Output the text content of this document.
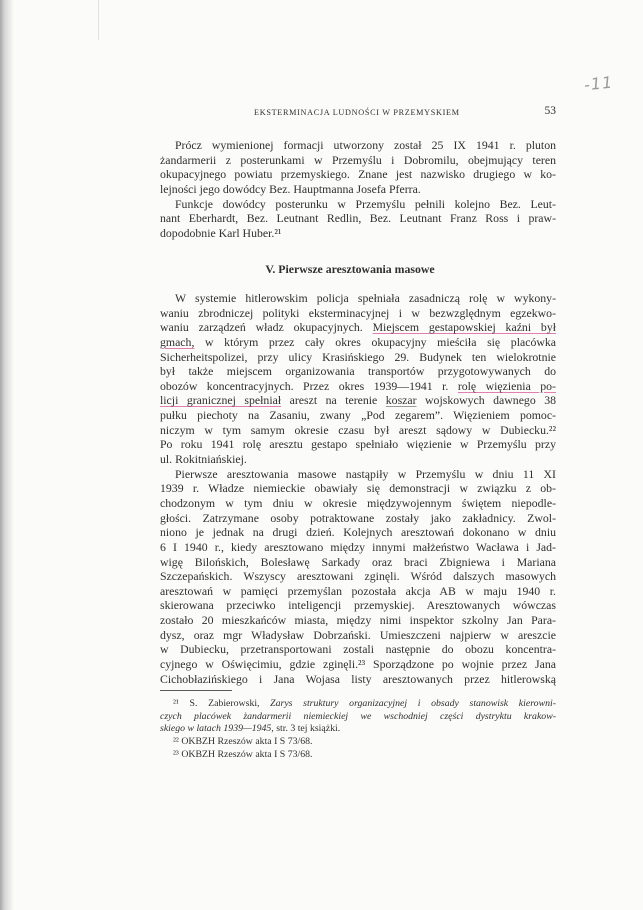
-11
EKSTERMINACJA LUDNOŚCI W PRZEMYSKIEM	53
Prócz wymienionej formacji utworzony został 25 IX 1941 r. pluton
żandarmerii z posterunkami w Przemyślu i Dobromilu, obejmujący teren
okupacyjnego powiatu przemyskiego. Znane jest nazwisko drugiego w ko-
lejności jego dowódcy Bez. Hauptmanna Josefa Pferra.
Funkcje dowódcy posterunku w Przemyślu pełnili kolejno Bez. Leut-
nant Eberhardt, Bez. Leutnant Redlin, Bez. Leutnant Franz Ross i praw-
dopodobnie Karl Huber.²¹
V. Pierwsze aresztowania masowe
W systemie hitlerowskim policja spełniała zasadniczą rolę w wykony-
waniu zbrodniczej polityki eksterminacyjnej i w bezwzględnym egzekwo-
waniu zarządzeń władz okupacyjnych. Miejscem gestapowskiej kaźni był
gmach, w którym przez cały okres okupacyjny mieściła się placówka
Sicherheitspolizei, przy ulicy Krasińskiego 29. Budynek ten wielokrotnie
był także miejscem organizowania transportów przygotowywanych do
obozów koncentracyjnych. Przez okres 1939—1941 r. rolę więzienia po-
licji granicznej spełniał areszt na terenie koszar wojskowych dawnego 38
pułku piechoty na Zasaniu, zwany „Pod zegarem”. Więzieniem pomoc-
niczym w tym samym okresie czasu był areszt sądowy w Dubiecku.²²
Po roku 1941 rolę aresztu gestapo spełniało więzienie w Przemyślu przy
ul. Rokitniańskiej.
Pierwsze aresztowania masowe nastąpiły w Przemyślu w dniu 11 XI
1939 r. Władze niemieckie obawiały się demonstracji w związku z ob-
chodzonym w tym dniu w okresie międzywojennym świętem niepodle-
głości. Zatrzymane osoby potraktowane zostały jako zakładnicy. Zwol-
niono je jednak na drugi dzień. Kolejnych aresztowań dokonano w dniu
6 I 1940 r., kiedy aresztowano między innymi małżeństwo Wacława i Jad-
wigę Bilońskich, Bolesławę Sarkady oraz braci Zbigniewa i Mariana
Szczepańskich. Wszyscy aresztowani zginęli. Wśród dalszych masowych
aresztowań w pamięci przemyślan pozostała akcja AB w maju 1940 r.
skierowana przeciwko inteligencji przemyskiej. Aresztowanych wówczas
zostało 20 mieszkańców miasta, między nimi inspektor szkolny Jan Para-
dysz, oraz mgr Władysław Dobrzański. Umieszczeni najpierw w areszcie
w Dubiecku, przetransportowani zostali następnie do obozu koncentra-
cyjnego w Oświęcimiu, gdzie zginęli.²³ Sporządzone po wojnie przez Jana
Cichobłazińskiego i Jana Wojasa listy aresztowanych przez hitlerowską
²¹ S. Zabierowski, Zarys struktury organizacyjnej i obsady stanowisk kierowni-
czych placówek żandarmerii niemieckiej we wschodniej części dystryktu krakow-
skiego w latach 1939—1945, str. 3 tej książki.
²² OKBZH Rzeszów akta I S 73/68.
²³ OKBZH Rzeszów akta I S 73/68.
